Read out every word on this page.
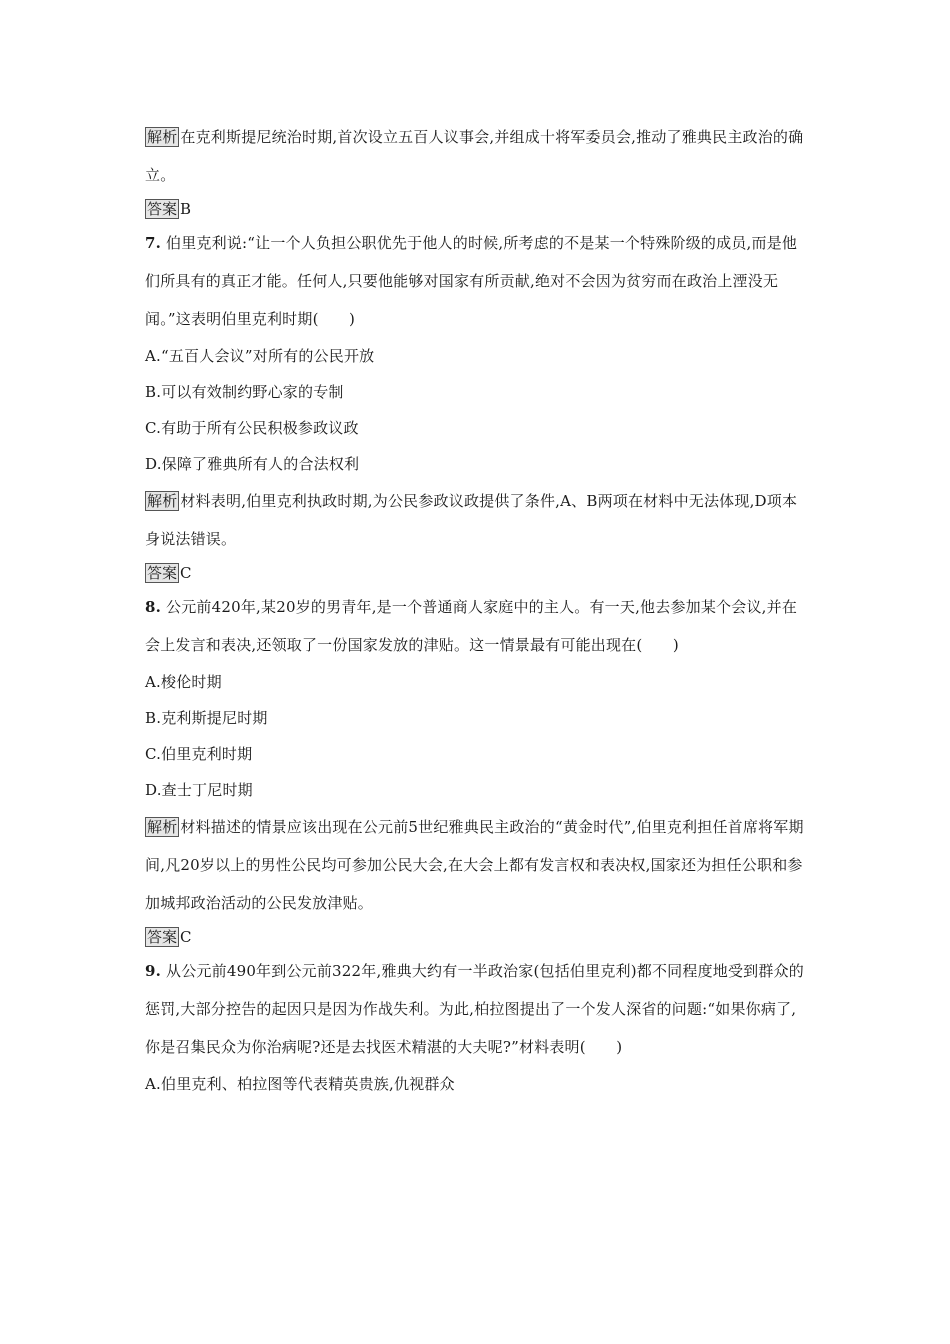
解析 在克利斯提尼统治时期,首次设立五百人议事会,并组成十将军委员会,推动了雅典民主政治的确立。
答案 B
7. 伯里克利说:“让一个人负担公职优先于他人的时候,所考虑的不是某一个特殊阶级的成员,而是他们所具有的真正才能。任何人,只要他能够对国家有所贡献,绝对不会因为贫穷而在政治上湮没无闻。”这表明伯里克利时期(　　)
A.“五百人会议”对所有的公民开放
B.可以有效制约野心家的专制
C.有助于所有公民积极参政议政
D.保障了雅典所有人的合法权利
解析 材料表明,伯里克利执政时期,为公民参政议政提供了条件,A、B两项在材料中无法体现,D项本身说法错误。
答案 C
8. 公元前420年,某20岁的男青年,是一个普通商人家庭中的主人。有一天,他去参加某个会议,并在会上发言和表决,还领取了一份国家发放的津贴。这一情景最有可能出现在(　　)
A.梭伦时期
B.克利斯提尼时期
C.伯里克利时期
D.查士丁尼时期
解析 材料描述的情景应该出现在公元前5世纪雅典民主政治的“黄金时代”,伯里克利担任首席将军期间,凡20岁以上的男性公民均可参加公民大会,在大会上都有发言权和表决权,国家还为担任公职和参加城邦政治活动的公民发放津贴。
答案 C
9. 从公元前490年到公元前322年,雅典大约有一半政治家(包括伯里克利)都不同程度地受到群众的惩罚,大部分控告的起因只是因为作战失利。为此,柏拉图提出了一个发人深省的问题:“如果你病了,你是召集民众为你治病呢?还是去找医术精湛的大夫呢?”材料表明(　　)
A.伯里克利、柏拉图等代表精英贵族,仇视群众
